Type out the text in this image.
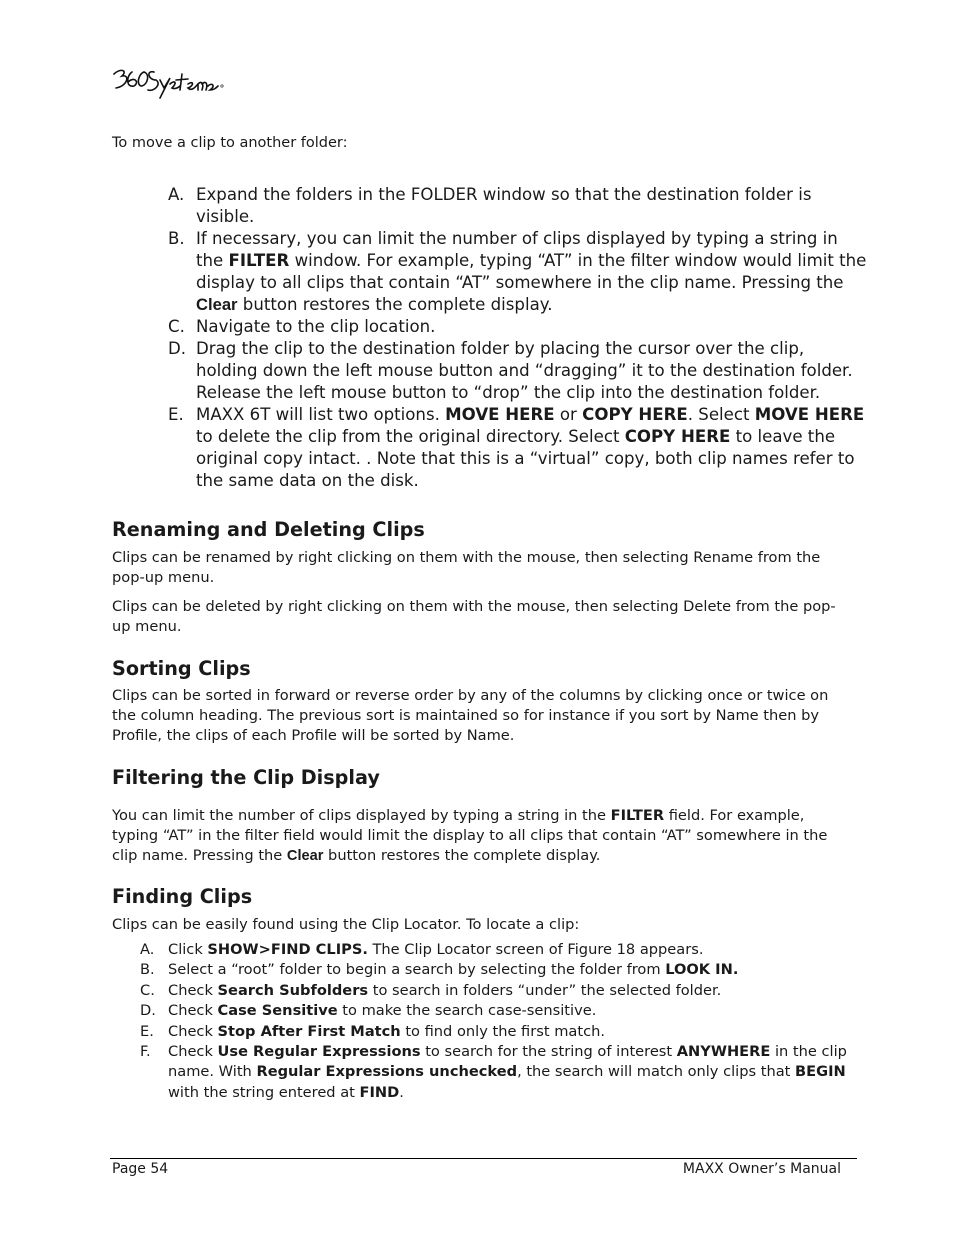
To move a clip to another folder:
A. Expand the folders in the FOLDER window so that the destination folder is visible.
B. If necessary, you can limit the number of clips displayed by typing a string in the FILTER window. For example, typing “AT” in the filter window would limit the display to all clips that contain “AT” somewhere in the clip name. Pressing the Clear button restores the complete display.
C. Navigate to the clip location.
D. Drag the clip to the destination folder by placing the cursor over the clip, holding down the left mouse button and “dragging” it to the destination folder. Release the left mouse button to “drop” the clip into the destination folder.
E. MAXX 6T will list two options. MOVE HERE or COPY HERE. Select MOVE HERE to delete the clip from the original directory. Select COPY HERE to leave the original copy intact. . Note that this is a “virtual” copy, both clip names refer to the same data on the disk.
Renaming and Deleting Clips

Clips can be renamed by right clicking on them with the mouse, then selecting Rename from the pop-up menu.

Clips can be deleted by right clicking on them with the mouse, then selecting Delete from the pop-up menu.

Sorting Clips

Clips can be sorted in forward or reverse order by any of the columns by clicking once or twice on the column heading. The previous sort is maintained so for instance if you sort by Name then by Profile, the clips of each Profile will be sorted by Name.

Filtering the Clip Display

You can limit the number of clips displayed by typing a string in the FILTER field. For example, typing “AT” in the filter field would limit the display to all clips that contain “AT” somewhere in the clip name. Pressing the Clear button restores the complete display.

Finding Clips

Clips can be easily found using the Clip Locator. To locate a clip:

A. Click SHOW>FIND CLIPS. The Clip Locator screen of Figure 18 appears.
B. Select a “root” folder to begin a search by selecting the folder from LOOK IN.
C. Check Search Subfolders to search in folders “under” the selected folder.
D. Check Case Sensitive to make the search case-sensitive.
E. Check Stop After First Match to find only the first match.
F.	Check Use Regular Expressions to search for the string of interest ANYWHERE in the clip name. With Regular Expressions unchecked, the search will match only clips that BEGIN with the string entered at FIND.
Page 54	MAXX Owner’s Manual
